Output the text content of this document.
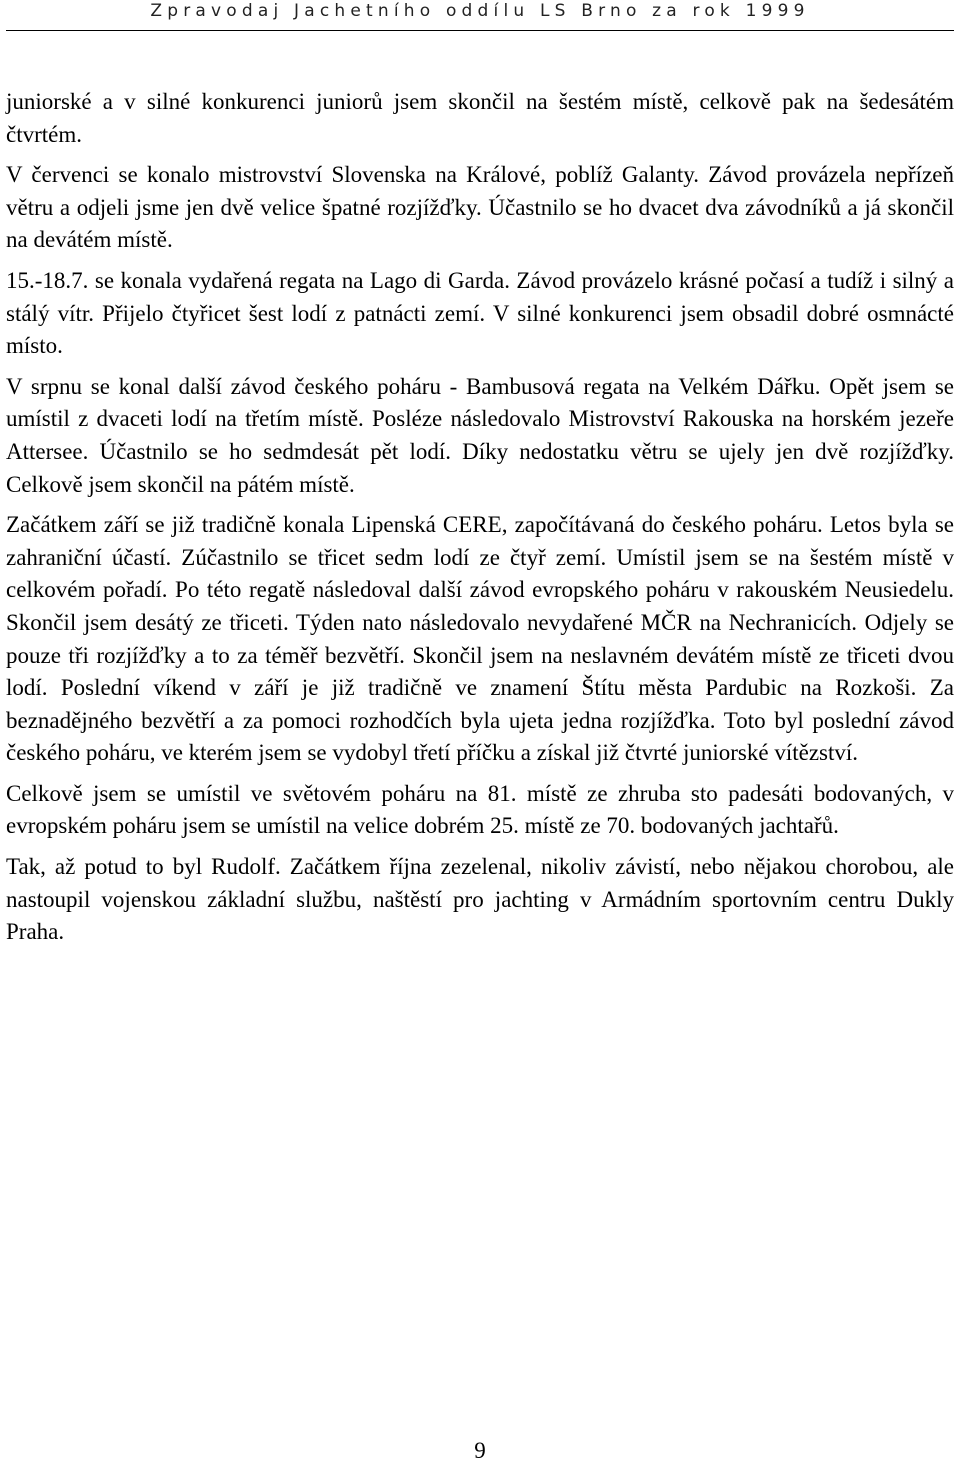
Zpravodaj Jachetního oddílu LS Brno za rok 1999

juniorské a v silné konkurenci juniorů jsem skončil na šestém místě, celkově pak na šedesátém čtvrtém.

V červenci se konalo mistrovství Slovenska na Králové, poblíž Galanty. Závod provázela nepřízeň větru a odjeli jsme jen dvě velice špatné rozjížďky. Účastnilo se ho dvacet dva závodníků a já skončil na devátém místě.

15.-18.7. se konala vydařená regata na Lago di Garda. Závod provázelo krásné počasí a tudíž i silný a stálý vítr. Přijelo čtyřicet šest lodí z patnácti zemí. V silné konkurenci jsem obsadil dobré osmnácté místo.

V srpnu se konal další závod českého poháru - Bambusová regata na Velkém Dářku. Opět jsem se umístil z dvaceti lodí na třetím místě. Posléze následovalo Mistrovství Rakouska na horském jezeře Attersee. Účastnilo se ho sedmdesát pět lodí. Díky nedostatku větru se ujely jen dvě rozjížďky. Celkově jsem skončil na pátém místě.

Začátkem září se již tradičně konala Lipenská CERE, započítávaná do českého poháru. Letos byla se zahraniční účastí. Zúčastnilo se třicet sedm lodí ze čtyř zemí. Umístil jsem se na šestém místě v celkovém pořadí. Po této regatě následoval další závod evropského poháru v rakouském Neusiedelu. Skončil jsem desátý ze třiceti. Týden nato následovalo nevydařené MČR na Nechranicích. Odjely se pouze tři rozjížďky a to za téměř bezvětří. Skončil jsem na neslavném devátém místě ze třiceti dvou lodí. Poslední víkend v září je již tradičně ve znamení Štítu města Pardubic na Rozkoši. Za beznadějného bezvětří a za pomoci rozhodčích byla ujeta jedna rozjížďka. Toto byl poslední závod českého poháru, ve kterém jsem se vydobyl třetí příčku a získal již čtvrté juniorské vítězství.

Celkově jsem se umístil ve světovém poháru na 81. místě ze zhruba sto padesáti bodovaných, v evropském poháru jsem se umístil na velice dobrém 25. místě ze 70. bodovaných jachtařů.

Tak, až potud to byl Rudolf. Začátkem října zezelenal, nikoliv závistí, nebo nějakou chorobou, ale nastoupil vojenskou základní službu, naštěstí pro jachting v Armádním sportovním centru Dukly Praha.

9
